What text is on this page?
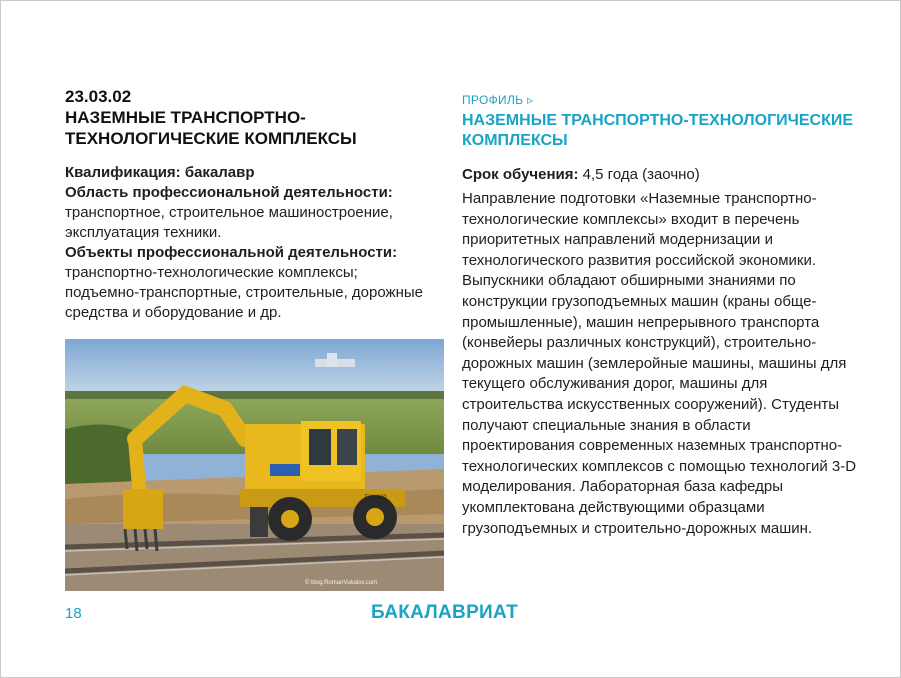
23.03.02
НАЗЕМНЫЕ ТРАНСПОРТНО-ТЕХНОЛОГИЧЕСКИЕ КОМПЛЕКСЫ
Квалификация: бакалавр
Область профессиональной деятельности:
транспортное, строительное машиностроение, эксплуатация техники.
Объекты профессиональной деятельности:
транспортно-технологические комплексы; подъемно-транспортные, строительные, дорожные средства и оборудование и др.
EW-160
© blog.RomanVukalov.com
ПРОФИЛЬ ▹
НАЗЕМНЫЕ ТРАНСПОРТНО-ТЕХНОЛОГИЧЕСКИЕ КОМПЛЕКСЫ
Срок обучения: 4,5 года (заочно)
Направление подготовки «Наземные транспортно-технологические комплексы» входит в перечень приоритетных направлений модернизации и технологического развития российской экономики. Выпускники обладают обширными знаниями по конструкции грузоподъемных машин (краны обще-промышленные), машин непрерывного транспорта (конвейеры различных конструкций), строительно-дорожных машин (землеройные машины, машины для текущего обслуживания дорог, машины для строительства искусственных сооружений). Студенты получают специальные знания в области проектирования современных наземных транспортно-технологических комплексов с помощью технологий 3-D моделирования. Лабораторная база кафедры укомплектована действующими образцами грузоподъемных и строительно-дорожных машин.
18	БАКАЛАВРИАТ
